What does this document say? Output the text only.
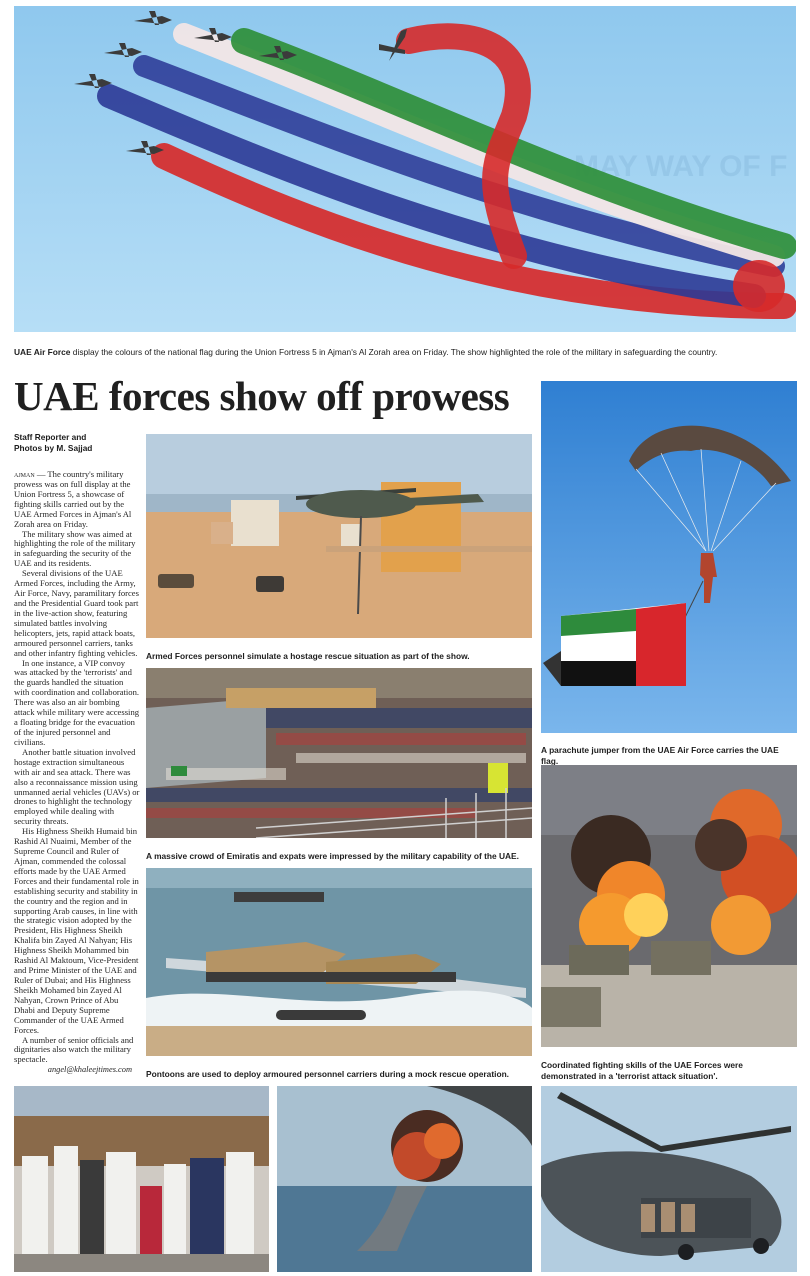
MAY WAY OF F
UAE Air Force display the colours of the national flag during the Union Fortress 5 in Ajman's Al Zorah area on Friday. The show highlighted the role of the military in safeguarding the country.
UAE forces show off prowess
Staff Reporter and
Photos by M. Sajjad

ajman — The country's military prowess was on full display at the Union Fortress 5, a showcase of fighting skills carried out by the UAE Armed Forces in Ajman's Al Zorah area on Friday.

The military show was aimed at highlighting the role of the military in safeguarding the security of the UAE and its residents.

Several divisions of the UAE Armed Forces, including the Army, Air Force, Navy, paramilitary forces and the Presidential Guard took part in the live-action show, featuring simulated battles involving helicopters, jets, rapid attack boats, armoured personnel carriers, tanks and other infantry fighting vehicles.

In one instance, a VIP convoy was attacked by the 'terrorists' and the guards handled the situation with coordination and collaboration. There was also an air bombing attack while military were accessing a floating bridge for the evacuation of the injured personnel and civilians.

Another battle situation involved hostage extraction simultaneous with air and sea attack. There was also a reconnaissance mission using unmanned aerial vehicles (UAVs) or drones to highlight the technology employed while dealing with security threats.

His Highness Sheikh Humaid bin Rashid Al Nuaimi, Member of the Supreme Council and Ruler of Ajman, commended the colossal efforts made by the UAE Armed Forces and their fundamental role in establishing security and stability in the country and the region and in supporting Arab causes, in line with the strategic vision adopted by the President, His Highness Sheikh Khalifa bin Zayed Al Nahyan; His Highness Sheikh Mohammed bin Rashid Al Maktoum, Vice-President and Prime Minister of the UAE and Ruler of Dubai; and His Highness Sheikh Mohamed bin Zayed Al Nahyan, Crown Prince of Abu Dhabi and Deputy Supreme Commander of the UAE Armed Forces.

A number of senior officials and dignitaries also watch the military spectacle.

angel@khaleejtimes.com
Armed Forces personnel simulate a hostage rescue situation as part of the show.
A massive crowd of Emiratis and expats were impressed by the military capability of the UAE.
Pontoons are used to deploy armoured personnel carriers during a mock rescue operation.
A parachute jumper from the UAE Air Force carries the UAE flag.
Coordinated fighting skills of the UAE Forces were demonstrated in a 'terrorist attack situation'.
